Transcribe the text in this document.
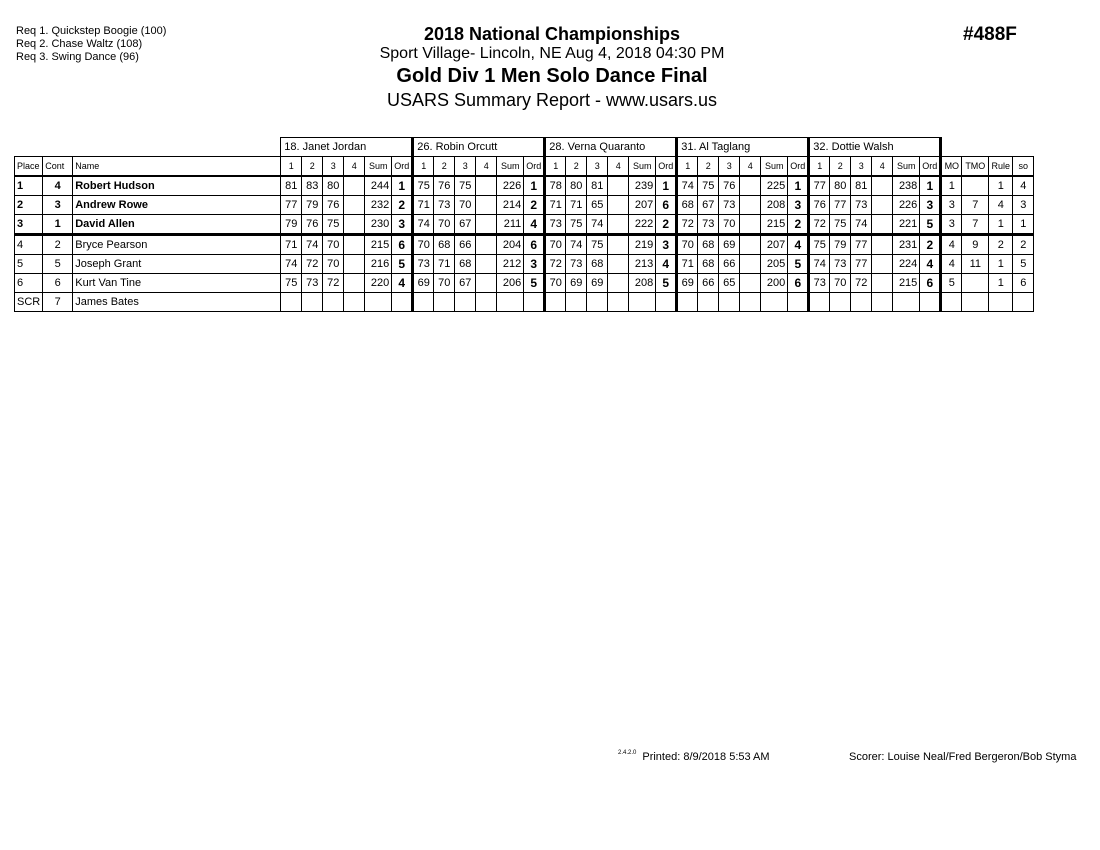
Req 1. Quickstep Boogie (100)
Req 2. Chase Waltz (108)
Req 3. Swing Dance (96)
2018 National Championships
Sport Village- Lincoln, NE Aug 4, 2018 04:30 PM
Gold Div 1 Men Solo Dance Final
USARS Summary Report - www.usars.us
#488F
			18. Janet Jordan						26. Robin Orcutt						28. Verna Quaranto						31. Al Taglang						32. Dottie Walsh									
Place	Cont	Name	1	2	3	4	Sum	Ord	1	2	3	4	Sum	Ord	1	2	3	4	Sum	Ord	1	2	3	4	Sum	Ord	1	2	3	4	Sum	Ord	MO	TMO	Rule	so
1	4	Robert Hudson	81	83	80		244	1	75	76	75		226	1	78	80	81		239	1	74	75	76		225	1	77	80	81		238	1	1		1	4
2	3	Andrew Rowe	77	79	76		232	2	71	73	70		214	2	71	71	65		207	6	68	67	73		208	3	76	77	73		226	3	3	7	4	3
3	1	David Allen	79	76	75		230	3	74	70	67		211	4	73	75	74		222	2	72	73	70		215	2	72	75	74		221	5	3	7	1	1
4	2	Bryce Pearson	71	74	70		215	6	70	68	66		204	6	70	74	75		219	3	70	68	69		207	4	75	79	77		231	2	4	9	2	2
5	5	Joseph Grant	74	72	70		216	5	73	71	68		212	3	72	73	68		213	4	71	68	66		205	5	74	73	77		224	4	4	11	1	5
6	6	Kurt Van Tine	75	73	72		220	4	69	70	67		206	5	70	69	69		208	5	69	66	65		200	6	73	70	72		215	6	5		1	6
SCR	7	James Bates																																		
$^{2.4.2.0}$ Printed: 8/9/2018 5:53 AM	Scorer: Louise Neal/Fred Bergeron/Bob Styma
